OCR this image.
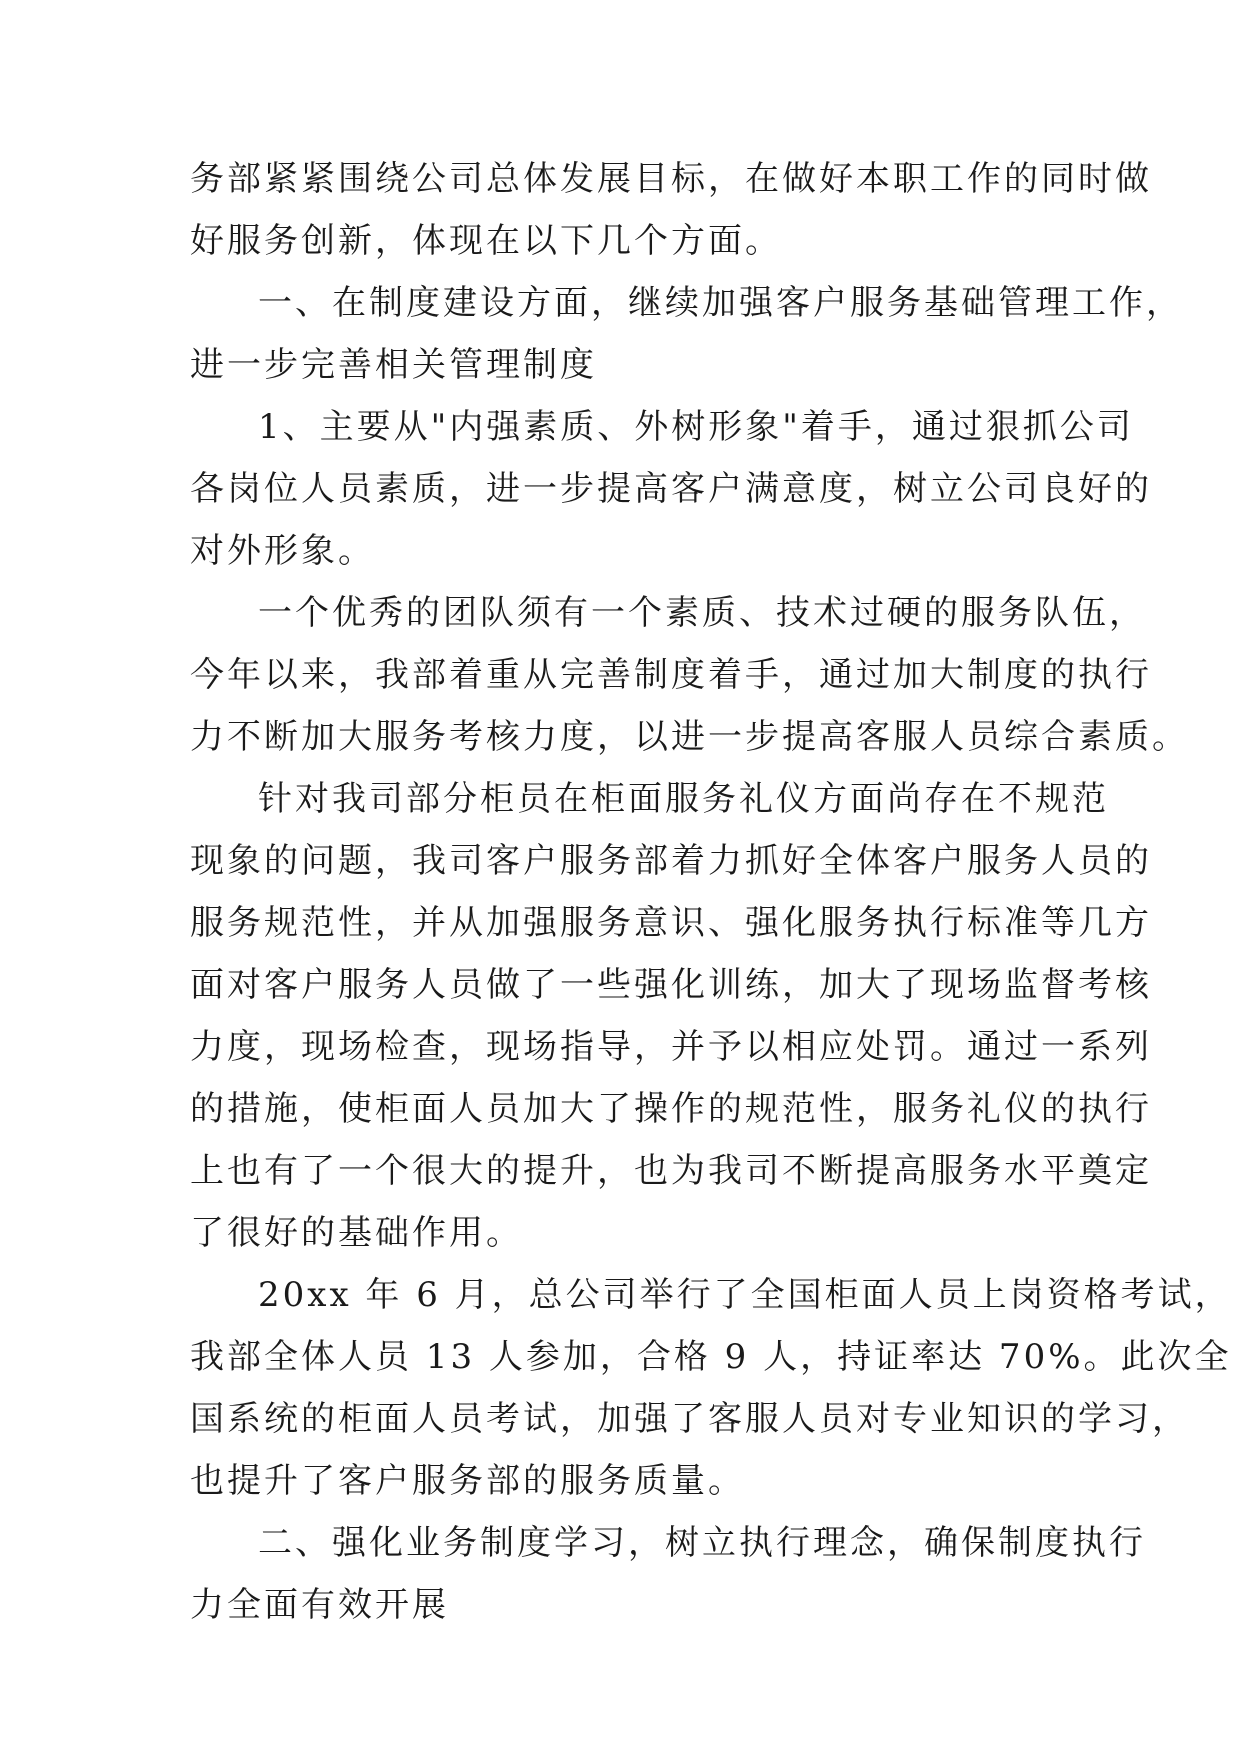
务部紧紧围绕公司总体发展目标，在做好本职工作的同时做
好服务创新，体现在以下几个方面。
一、在制度建设方面，继续加强客户服务基础管理工作，
进一步完善相关管理制度
1、主要从"内强素质、外树形象"着手，通过狠抓公司
各岗位人员素质，进一步提高客户满意度，树立公司良好的
对外形象。
一个优秀的团队须有一个素质、技术过硬的服务队伍，
今年以来，我部着重从完善制度着手，通过加大制度的执行
力不断加大服务考核力度，以进一步提高客服人员综合素质。
针对我司部分柜员在柜面服务礼仪方面尚存在不规范
现象的问题，我司客户服务部着力抓好全体客户服务人员的
服务规范性，并从加强服务意识、强化服务执行标准等几方
面对客户服务人员做了一些强化训练，加大了现场监督考核
力度，现场检查，现场指导，并予以相应处罚。通过一系列
的措施，使柜面人员加大了操作的规范性，服务礼仪的执行
上也有了一个很大的提升，也为我司不断提高服务水平奠定
了很好的基础作用。
20xx 年 6 月，总公司举行了全国柜面人员上岗资格考试，
我部全体人员 13 人参加，合格 9 人，持证率达 70%。此次全
国系统的柜面人员考试，加强了客服人员对专业知识的学习，
也提升了客户服务部的服务质量。
二、强化业务制度学习，树立执行理念，确保制度执行
力全面有效开展
